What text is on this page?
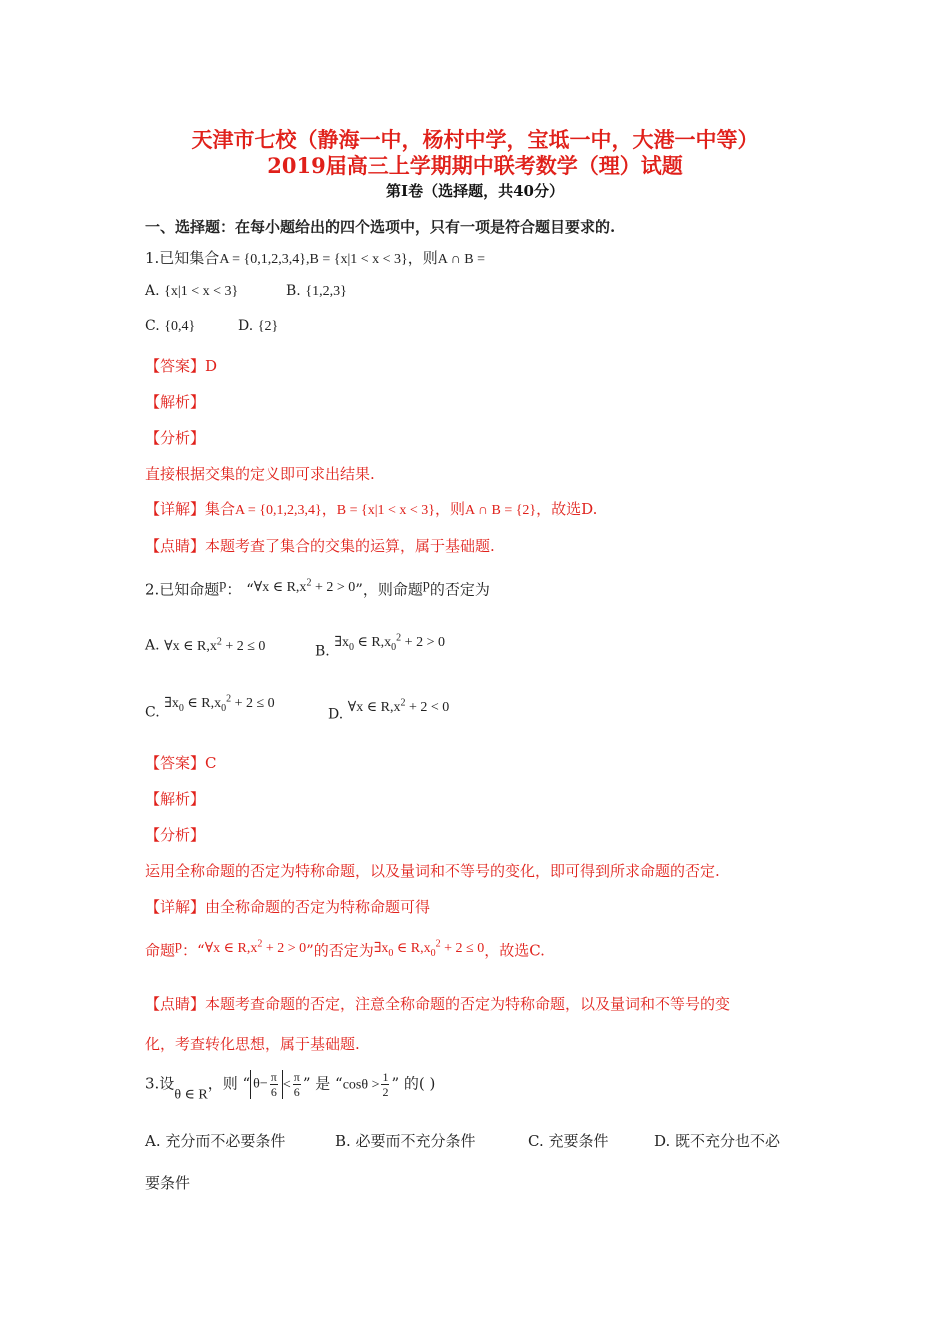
天津市七校（静海一中，杨村中学，宝坻一中，大港一中等）
2019届高三上学期期中联考数学（理）试题
第Ⅰ卷（选择题，共40分）
一、选择题：在每小题给出的四个选项中，只有一项是符合题目要求的.
1.已知集合A = {0,1,2,3,4},B = {x|1 < x < 3}，则A ∩ B =
A. {x|1 < x < 3}	B. {1,2,3}
C. {0,4}	D. {2}
【答案】D
【解析】
【分析】
直接根据交集的定义即可求出结果.
【详解】集合A = {0,1,2,3,4}，B = {x|1 < x < 3}，则A ∩ B = {2}，故选D.
【点睛】本题考查了集合的交集的运算，属于基础题.
2.已知命题$^p$： “∀x ∈ $R,x^2 + 2 > 0$”，则命题$^p$的否定为
A. ∀x ∈ $R,x^2 + 2 \le 0$	B. $\exists x_0$ ∈ $R,x_0^2 + 2 > 0$
C. $\exists x_0$ ∈ $R,x_0^2 + 2 \le 0$
D. ∀x ∈ $R,x^2 + 2 < 0$
【答案】C
【解析】
【分析】
运用全称命题的否定为特称命题，以及量词和不等号的变化，即可得到所求命题的否定.
【详解】由全称命题的否定为特称命题可得
命题$^p$：“∀x ∈ $R,x^2 + 2 > 0$”的否定为$\exists x_0$ ∈ $R,x_0^2 + 2 \le 0$，故选C.
【点睛】本题考查命题的否定，注意全称命题的否定为特称命题，以及量词和不等号的变
化，考查转化思想，属于基础题.
3.设θ ∈ R，则 “ $\theta- \frac{\pi}{6} < \frac{\pi}{6}$ ” 是 “$\cos\theta > \frac{1}{2}$ ” 的( )
A. 充分而不必要条件	B. 必要而不充分条件	C. 充要条件	D. 既不充分也不必
要条件
